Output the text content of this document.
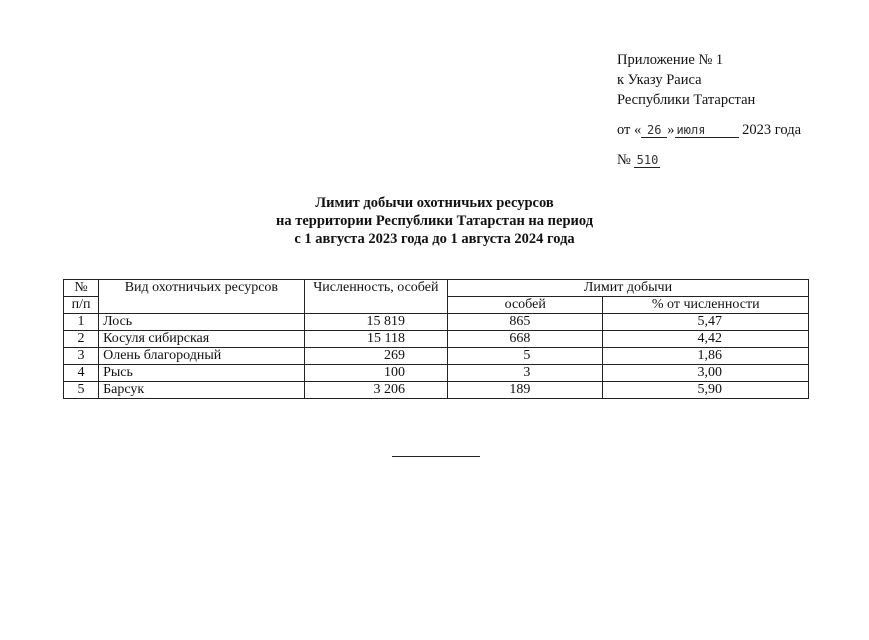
Приложение № 1
к Указу Раиса
Республики Татарстан
от « 26 » июля	2023 года
№ 510
Лимит добычи охотничьих ресурсов
на территории Республики Татарстан на период
с 1 августа 2023 года до 1 августа 2024 года
№	Вид охотничьих ресурсов	Численность, особей	Лимит добычи	
п/п			особей	% от численности
1	Лось	15 819	865	5,47
2	Косуля сибирская	15 118	668	4,42
3	Олень благородный	269	5	1,86
4	Рысь	100	3	3,00
5	Барсук	3 206	189	5,90
